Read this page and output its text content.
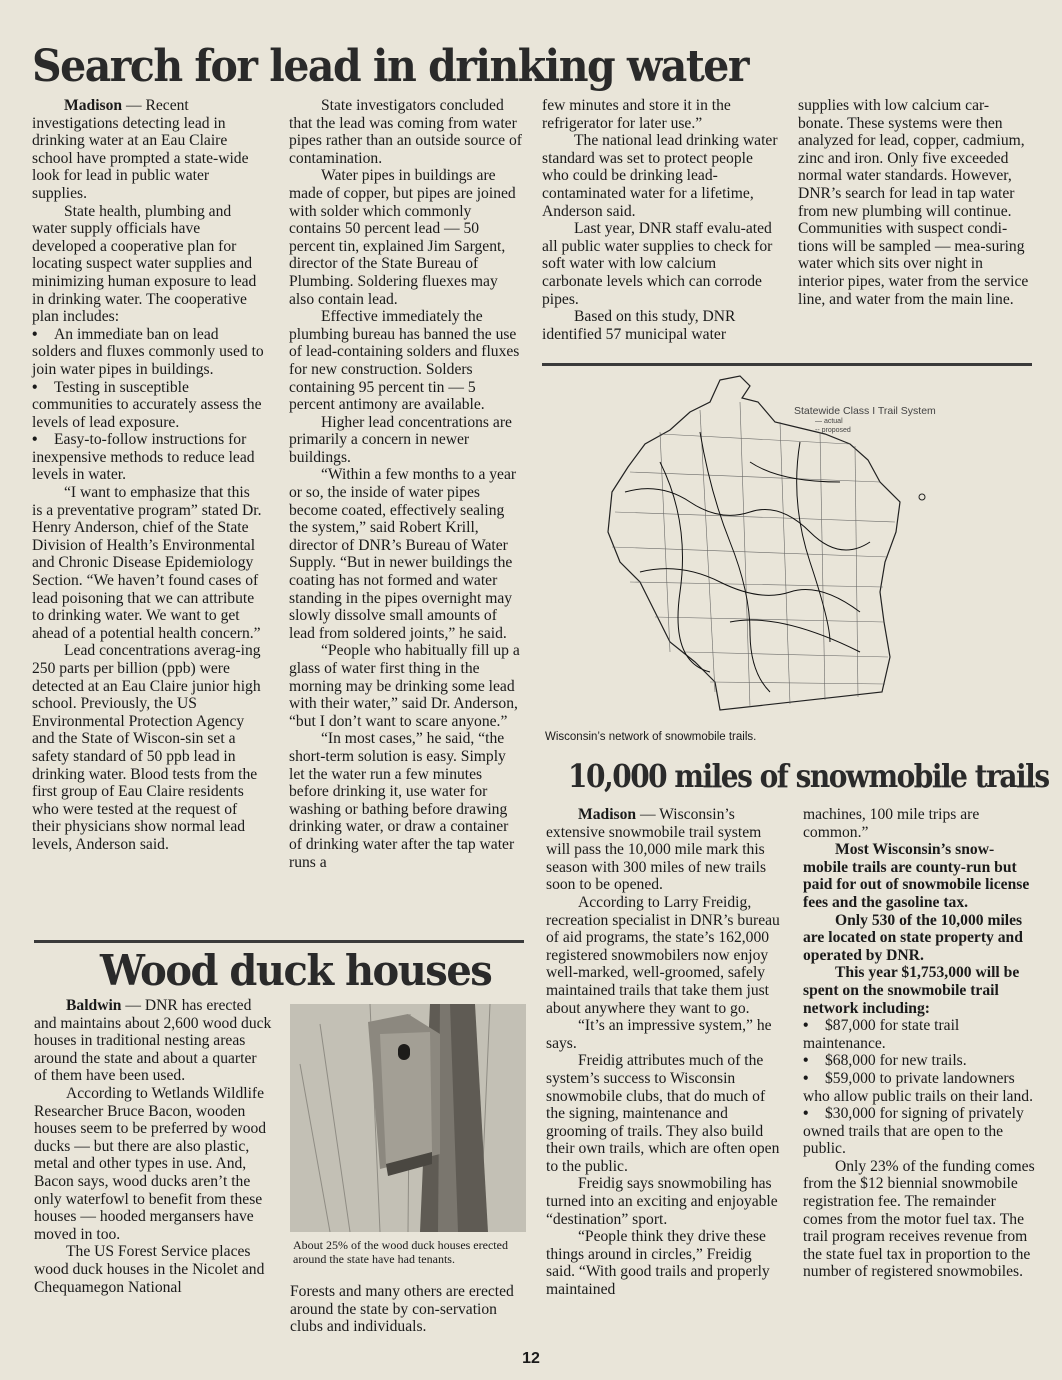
Search for lead in drinking water

Madison — Recent investigations detecting lead in drinking water at an Eau Claire school have prompted a state-wide look for lead in public water supplies.

State health, plumbing and water supply officials have developed a cooperative plan for locating suspect water supplies and minimizing human exposure to lead in drinking water. The cooperative plan includes:

• An immediate ban on lead solders and fluxes commonly used to join water pipes in buildings.

• Testing in susceptible communities to accurately assess the levels of lead exposure.

• Easy-to-follow instructions for inexpensive methods to reduce lead levels in water.

“I want to emphasize that this is a preventative program” stated Dr. Henry Anderson, chief of the State Division of Health’s Environmental and Chronic Disease Epidemiology Section. “We haven’t found cases of lead poisoning that we can attribute to drinking water. We want to get ahead of a potential health concern.”

Lead concentrations averag-ing 250 parts per billion (ppb) were detected at an Eau Claire junior high school. Previously, the US Environmental Protection Agency and the State of Wiscon-sin set a safety standard of 50 ppb lead in drinking water. Blood tests from the first group of Eau Claire residents who were tested at the request of their physicians show normal lead levels, Anderson said.

State investigators concluded that the lead was coming from water pipes rather than an outside source of contamination.

Water pipes in buildings are made of copper, but pipes are joined with solder which commonly contains 50 percent lead — 50 percent tin, explained Jim Sargent, director of the State Bureau of Plumbing. Soldering fluexes may also contain lead.

Effective immediately the plumbing bureau has banned the use of lead-containing solders and fluxes for new construction. Solders containing 95 percent tin — 5 percent antimony are available.

Higher lead concentrations are primarily a concern in newer buildings.

“Within a few months to a year or so, the inside of water pipes become coated, effectively sealing the system,” said Robert Krill, director of DNR’s Bureau of Water Supply. “But in newer buildings the coating has not formed and water standing in the pipes overnight may slowly dissolve small amounts of lead from soldered joints,” he said.

“People who habitually fill up a glass of water first thing in the morning may be drinking some lead with their water,” said Dr. Anderson, “but I don’t want to scare anyone.”

“In most cases,” he said, “the short-term solution is easy. Simply let the water run a few minutes before drinking it, use water for washing or bathing before drawing drinking water, or draw a container of drinking water after the tap water runs a

few minutes and store it in the refrigerator for later use.”

The national lead drinking water standard was set to protect people who could be drinking lead-contaminated water for a lifetime, Anderson said.

Last year, DNR staff evalu-ated all public water supplies to check for soft water with low calcium carbonate levels which can corrode pipes.

Based on this study, DNR identified 57 municipal water

supplies with low calcium car-bonate. These systems were then analyzed for lead, copper, cadmium, zinc and iron. Only five exceeded normal water standards. However, DNR’s search for lead in tap water from new plumbing will continue. Communities with suspect condi-tions will be sampled — mea-suring water which sits over night in interior pipes, water from the service line, and water from the main line.

Statewide Class I Trail System
— actual
-- proposed

Wisconsin’s network of snowmobile trails.

10,000 miles of snowmobile trails

Madison — Wisconsin’s extensive snowmobile trail system will pass the 10,000 mile mark this season with 300 miles of new trails soon to be opened.

According to Larry Freidig, recreation specialist in DNR’s bureau of aid programs, the state’s 162,000 registered snowmobilers now enjoy well-marked, well-groomed, safely maintained trails that take them just about anywhere they want to go.

“It’s an impressive system,” he says.

Freidig attributes much of the system’s success to Wisconsin snowmobile clubs, that do much of the signing, maintenance and grooming of trails. They also build their own trails, which are often open to the public.

Freidig says snowmobiling has turned into an exciting and enjoyable “destination” sport.

“People think they drive these things around in circles,” Freidig said. “With good trails and properly maintained

machines, 100 mile trips are common.”

Most Wisconsin’s snow-mobile trails are county-run but paid for out of snowmobile license fees and the gasoline tax.

Only 530 of the 10,000 miles are located on state property and operated by DNR.

This year $1,753,000 will be spent on the snowmobile trail network including:

• $87,000 for state trail maintenance.

• $68,000 for new trails.

• $59,000 to private landowners who allow public trails on their land.

• $30,000 for signing of privately owned trails that are open to the public.

Only 23% of the funding comes from the $12 biennial snowmobile registration fee. The remainder comes from the motor fuel tax. The trail program receives revenue from the state fuel tax in proportion to the number of registered snowmobiles.

Wood duck houses

Baldwin — DNR has erected and maintains about 2,600 wood duck houses in traditional nesting areas around the state and about a quarter of them have been used.

According to Wetlands Wildlife Researcher Bruce Bacon, wooden houses seem to be preferred by wood ducks — but there are also plastic, metal and other types in use. And, Bacon says, wood ducks aren’t the only waterfowl to benefit from these houses — hooded mergansers have moved in too.

The US Forest Service places wood duck houses in the Nicolet and Chequamegon National

About 25% of the wood duck houses erected around the state have had tenants.

Forests and many others are erected around the state by con-servation clubs and individuals.

12
